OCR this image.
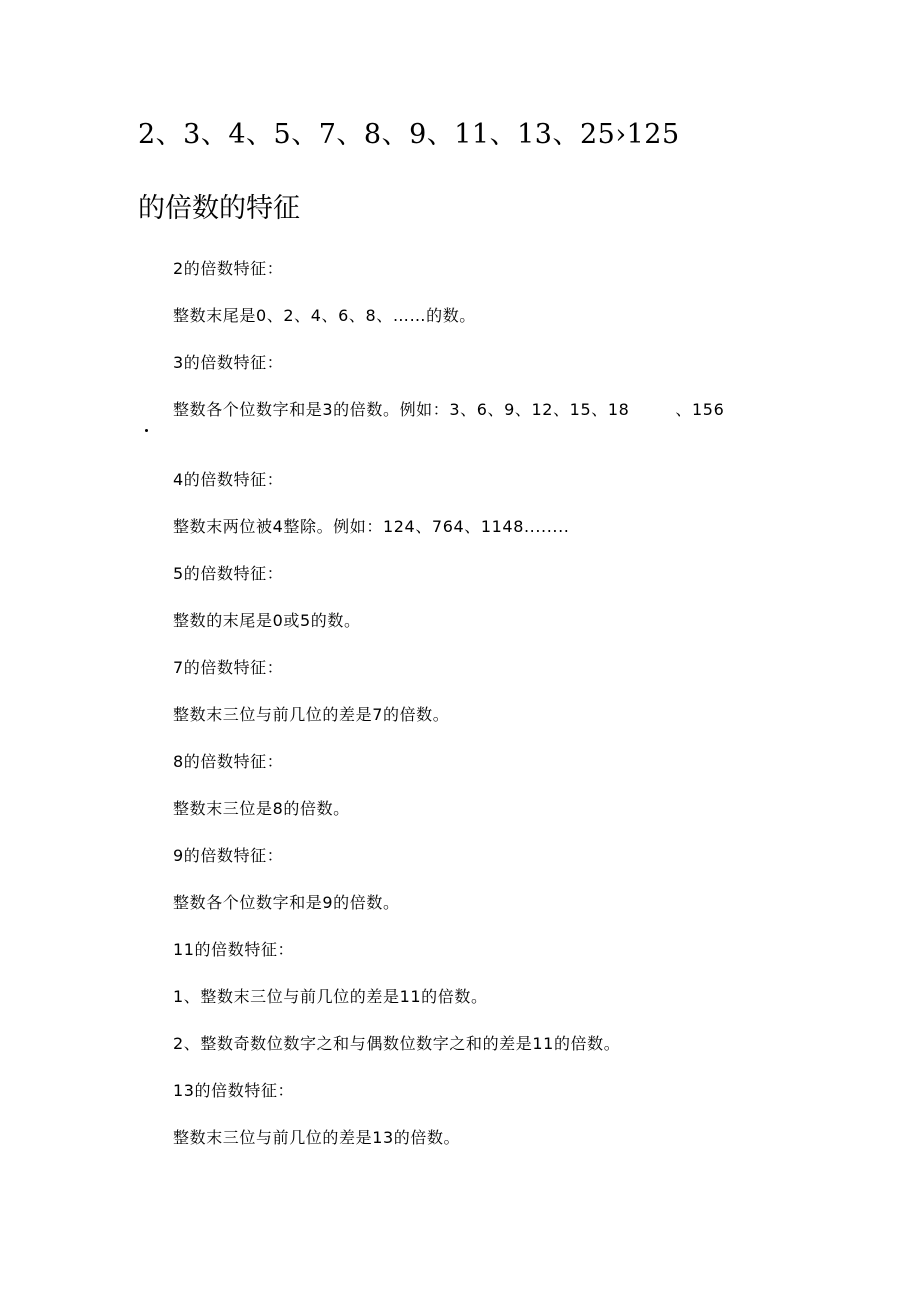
2、3、4、5、7、8、9、11、13、25›125
的倍数的特征
2的倍数特征：
整数末尾是0、2、4、6、8、……的数。
3的倍数特征：
整数各个位数字和是3的倍数。例如：3、6、9、12、15、18	、156
4的倍数特征：
整数末两位被4整除。例如：124、764、1148........
5的倍数特征：
整数的末尾是0或5的数。
7的倍数特征：
整数末三位与前几位的差是7的倍数。
8的倍数特征：
整数末三位是8的倍数。
9的倍数特征：
整数各个位数字和是9的倍数。
11的倍数特征：
1、整数末三位与前几位的差是11的倍数。
2、整数奇数位数字之和与偶数位数字之和的差是11的倍数。
13的倍数特征：
整数末三位与前几位的差是13的倍数。
